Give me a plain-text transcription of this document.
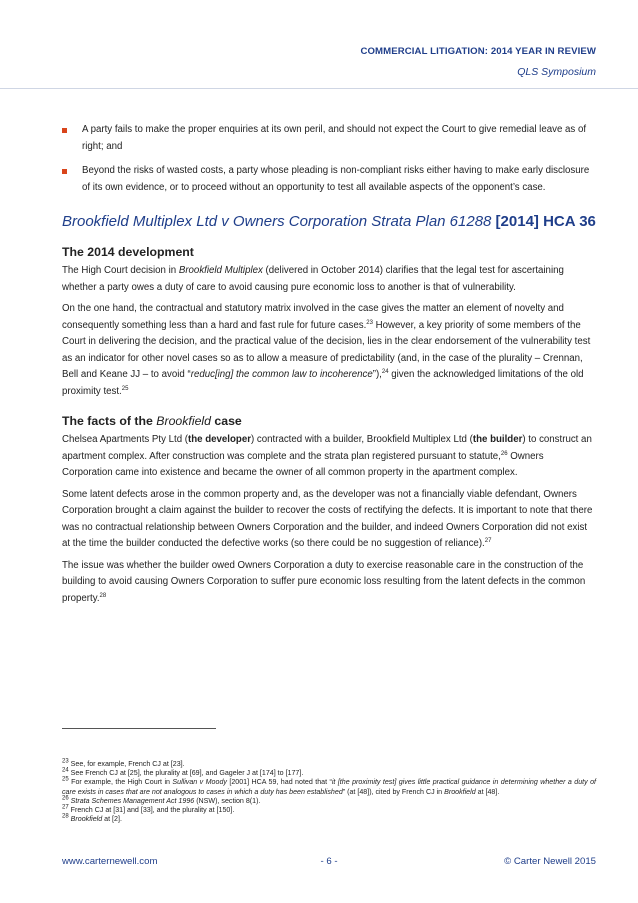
COMMERCIAL LITIGATION: 2014 YEAR IN REVIEW
QLS Symposium
A party fails to make the proper enquiries at its own peril, and should not expect the Court to give remedial leave as of right; and
Beyond the risks of wasted costs, a party whose pleading is non-compliant risks either having to make early disclosure of its own evidence, or to proceed without an opportunity to test all available aspects of the opponent’s case.
Brookfield Multiplex Ltd v Owners Corporation Strata Plan 61288 [2014] HCA 36
The 2014 development

The High Court decision in Brookfield Multiplex (delivered in October 2014) clarifies that the legal test for ascertaining whether a party owes a duty of care to avoid causing pure economic loss to another is that of vulnerability.

On the one hand, the contractual and statutory matrix involved in the case gives the matter an element of novelty and consequently something less than a hard and fast rule for future cases.$^{23}$ However, a key priority of some members of the Court in delivering the decision, and the practical value of the decision, lies in the clear endorsement of the vulnerability test as an indicator for other novel cases so as to allow a measure of predictability (and, in the case of the plurality – Crennan, Bell and Keane JJ – to avoid “reduc[ing] the common law to incoherence”),$^{24}$ given the acknowledged limitations of the old proximity test.$^{25}$

The facts of the Brookfield case

Chelsea Apartments Pty Ltd (the developer) contracted with a builder, Brookfield Multiplex Ltd (the builder) to construct an apartment complex. After construction was complete and the strata plan registered pursuant to statute,$^{26}$ Owners Corporation came into existence and became the owner of all common property in the apartment complex.

Some latent defects arose in the common property and, as the developer was not a financially viable defendant, Owners Corporation brought a claim against the builder to recover the costs of rectifying the defects. It is important to note that there was no contractual relationship between Owners Corporation and the builder, and indeed Owners Corporation did not exist at the time the builder conducted the defective works (so there could be no suggestion of reliance).$^{27}$

The issue was whether the builder owed Owners Corporation a duty to exercise reasonable care in the construction of the building to avoid causing Owners Corporation to suffer pure economic loss resulting from the latent defects in the common property.$^{28}$

$^{23}$ See, for example, French CJ at [23].
$^{24}$ See French CJ at [25], the plurality at [69], and Gageler J at [174] to [177].
$^{25}$ For example, the High Court in Sullivan v Moody [2001] HCA 59, had noted that “it [the proximity test] gives little practical guidance in determining whether a duty of care exists in cases that are not analogous to cases in which a duty has been established” (at [48]), cited by French CJ in Brookfield at [48].
$^{26}$ Strata Schemes Management Act 1996 (NSW), section 8(1).
$^{27}$ French CJ at [31] and [33], and the plurality at [150].
$^{28}$ Brookfield at [2].
www.carternewell.com	- 6 -	© Carter Newell 2015
